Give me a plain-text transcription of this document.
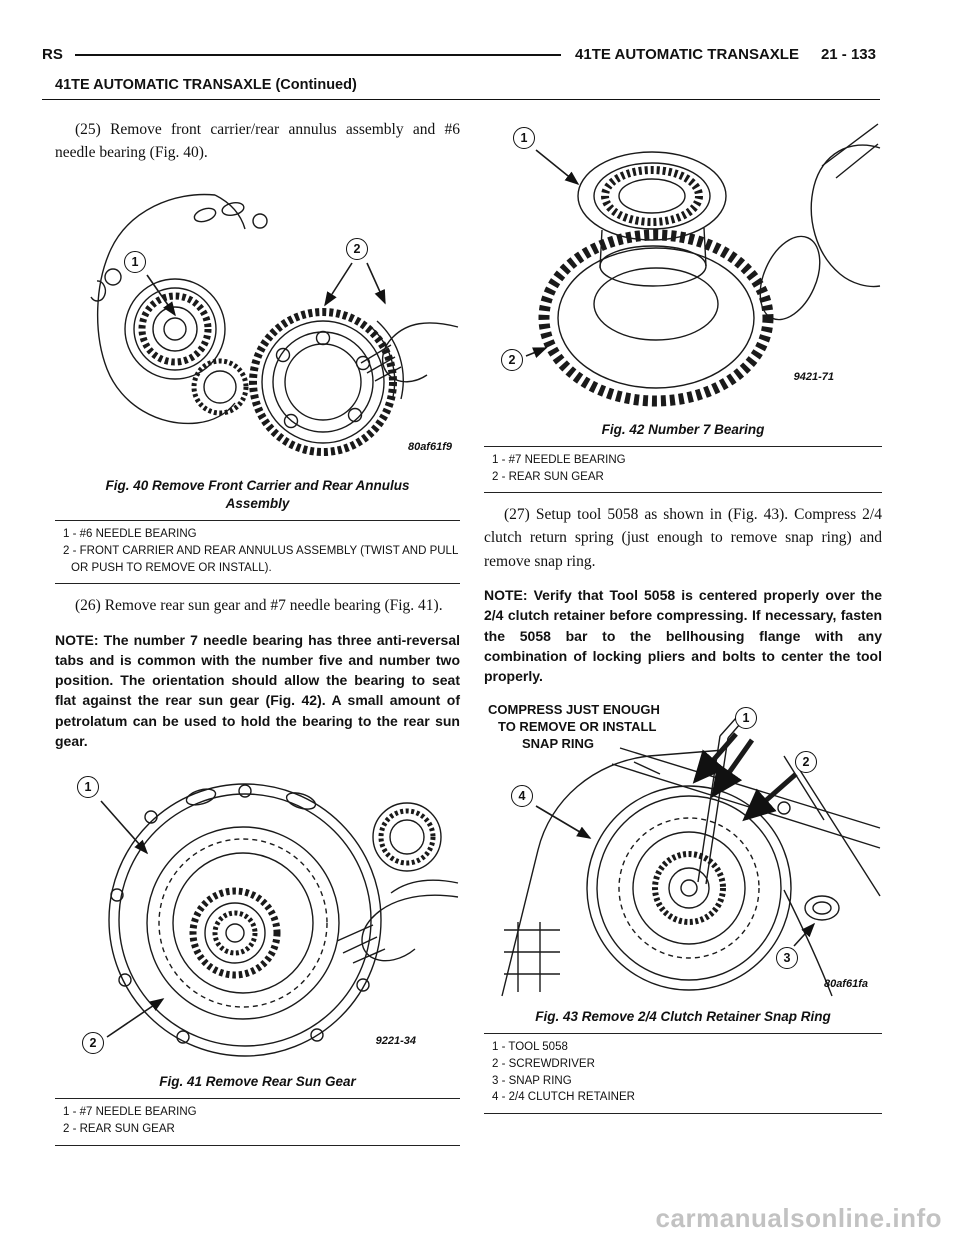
RS	41TE AUTOMATIC TRANSAXLE 21 - 133
41TE AUTOMATIC TRANSAXLE (Continued)

(25) Remove front carrier/rear annulus assembly and #6 needle bearing (Fig. 40).

1
2
80af61f9
Fig. 40 Remove Front Carrier and Rear Annulus Assembly
1 - #6 NEEDLE BEARING
2 - FRONT CARRIER AND REAR ANNULUS ASSEMBLY (TWIST AND PULL OR PUSH TO REMOVE OR INSTALL).

(26) Remove rear sun gear and #7 needle bearing (Fig. 41).

NOTE: The number 7 needle bearing has three anti-reversal tabs and is common with the number five and number two position. The orientation should allow the bearing to seat flat against the rear sun gear (Fig. 42). A small amount of petrolatum can be used to hold the bearing to the rear sun gear.

1
2	9221-34
Fig. 41 Remove Rear Sun Gear
1 - #7 NEEDLE BEARING
2 - REAR SUN GEAR
1
2
9421-71
Fig. 42 Number 7 Bearing
1 - #7 NEEDLE BEARING
2 - REAR SUN GEAR

(27) Setup tool 5058 as shown in (Fig. 43). Compress 2/4 clutch return spring (just enough to remove snap ring) and remove snap ring.

NOTE: Verify that Tool 5058 is centered properly over the 2/4 clutch retainer before compressing. If necessary, fasten the 5058 bar to the bellhousing flange with any combination of locking pliers and bolts to center the tool properly.

COMPRESS JUST ENOUGH
TO REMOVE OR INSTALL
SNAP RING
1
2
3
4
80af61fa
Fig. 43 Remove 2/4 Clutch Retainer Snap Ring
1 - TOOL 5058
2 - SCREWDRIVER
3 - SNAP RING
4 - 2/4 CLUTCH RETAINER
carmanualsonline.info
